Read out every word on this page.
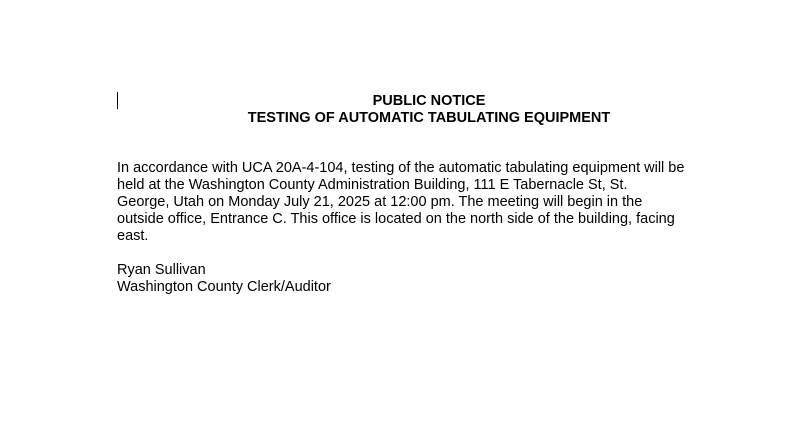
PUBLIC NOTICE
TESTING OF AUTOMATIC TABULATING EQUIPMENT
In accordance with UCA 20A-4-104, testing of the automatic tabulating equipment will be
held at the Washington County Administration Building, 111 E Tabernacle St, St.
George, Utah on Monday July 21, 2025 at 12:00 pm. The meeting will begin in the
outside office, Entrance C. This office is located on the north side of the building, facing
east.
Ryan Sullivan
Washington County Clerk/Auditor
